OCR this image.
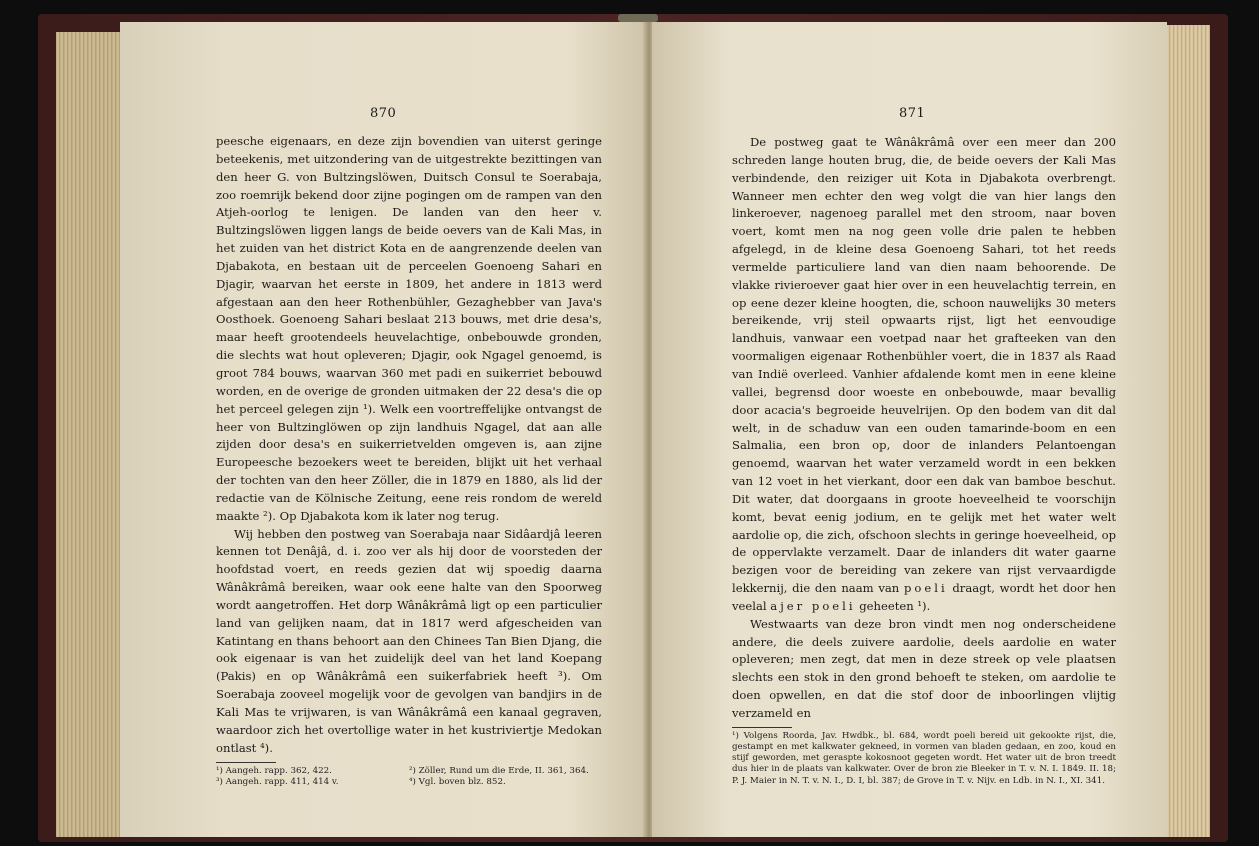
870

peesche eigenaars, en deze zijn bovendien van uiterst geringe beteekenis, met uitzondering van de uitgestrekte bezittingen van den heer G. von Bultzingslöwen, Duitsch Consul te Soerabaja, zoo roemrijk bekend door zijne pogingen om de rampen van den Atjeh-oorlog te lenigen. De landen van den heer v. Bultzingslöwen liggen langs de beide oevers van de Kali Mas, in het zuiden van het district Kota en de aangrenzende deelen van Djabakota, en bestaan uit de perceelen Goenoeng Sahari en Djagir, waarvan het eerste in 1809, het andere in 1813 werd afgestaan aan den heer Rothenbühler, Gezaghebber van Java's Oosthoek. Goenoeng Sahari beslaat 213 bouws, met drie desa's, maar heeft grootendeels heuvelachtige, onbebouwde gronden, die slechts wat hout opleveren; Djagir, ook Ngagel genoemd, is groot 784 bouws, waarvan 360 met padi en suikerriet bebouwd worden, en de overige de gronden uitmaken der 22 desa's die op het perceel gelegen zijn ¹). Welk een voortreffelijke ontvangst de heer von Bultzinglöwen op zijn landhuis Ngagel, dat aan alle zijden door desa's en suikerrietvelden omgeven is, aan zijne Europeesche bezoekers weet te bereiden, blijkt uit het verhaal der tochten van den heer Zöller, die in 1879 en 1880, als lid der redactie van de Kölnische Zeitung, eene reis rondom de wereld maakte ²). Op Djabakota kom ik later nog terug.

Wij hebben den postweg van Soerabaja naar Sidâardjâ leeren kennen tot Denâjâ, d. i. zoo ver als hij door de voorsteden der hoofdstad voert, en reeds gezien dat wij spoedig daarna Wânâkrâmâ bereiken, waar ook eene halte van den Spoorweg wordt aangetroffen. Het dorp Wânâkrâmâ ligt op een particulier land van gelijken naam, dat in 1817 werd afgescheiden van Katintang en thans behoort aan den Chinees Tan Bien Djang, die ook eigenaar is van het zuidelijk deel van het land Koepang (Pakis) en op Wânâkrâmâ een suikerfabriek heeft ³). Om Soerabaja zooveel mogelijk voor de gevolgen van bandjirs in de Kali Mas te vrijwaren, is van Wânâkrâmâ een kanaal gegraven, waardoor zich het overtollige water in het kustriviertje Medokan ontlast ⁴).

¹) Aangeh. rapp. 362, 422.	²) Zöller, Rund um die Erde, II. 361, 364.
³) Aangeh. rapp. 411, 414 v.	⁴) Vgl. boven blz. 852.
871

De postweg gaat te Wânâkrâmâ over een meer dan 200 schreden lange houten brug, die, de beide oevers der Kali Mas verbindende, den reiziger uit Kota in Djabakota overbrengt. Wanneer men echter den weg volgt die van hier langs den linkeroever, nagenoeg parallel met den stroom, naar boven voert, komt men na nog geen volle drie palen te hebben afgelegd, in de kleine desa Goenoeng Sahari, tot het reeds vermelde particuliere land van dien naam behoorende. De vlakke rivieroever gaat hier over in een heuvelachtig terrein, en op eene dezer kleine hoogten, die, schoon nauwelijks 30 meters bereikende, vrij steil opwaarts rijst, ligt het eenvoudige landhuis, vanwaar een voetpad naar het grafteeken van den voormaligen eigenaar Rothenbühler voert, die in 1837 als Raad van Indië overleed. Vanhier afdalende komt men in eene kleine vallei, begrensd door woeste en onbebouwde, maar bevallig door acacia's begroeide heuvelrijen. Op den bodem van dit dal welt, in de schaduw van een ouden tamarinde-boom en een Salmalia, een bron op, door de inlanders Pelantoengan genoemd, waarvan het water verzameld wordt in een bekken van 12 voet in het vierkant, door een dak van bamboe beschut. Dit water, dat doorgaans in groote hoeveelheid te voorschijn komt, bevat eenig jodium, en te gelijk met het water welt aardolie op, die zich, ofschoon slechts in geringe hoeveelheid, op de oppervlakte verzamelt. Daar de inlanders dit water gaarne bezigen voor de bereiding van zekere van rijst vervaardigde lekkernij, die den naam van poeli draagt, wordt het door hen veelal ajer poeli geheeten ¹).

Westwaarts van deze bron vindt men nog onderscheidene andere, die deels zuivere aardolie, deels aardolie en water opleveren; men zegt, dat men in deze streek op vele plaatsen slechts een stok in den grond behoeft te steken, om aardolie te doen opwellen, en dat die stof door de inboorlingen vlijtig verzameld en

¹) Volgens Roorda, Jav. Hwdbk., bl. 684, wordt poeli bereid uit gekookte rijst, die, gestampt en met kalkwater gekneed, in vormen van bladen gedaan, en zoo, koud en stijf geworden, met geraspte kokosnoot gegeten wordt. Het water uit de bron treedt dus hier in de plaats van kalkwater. Over de bron zie Bleeker in T. v. N. I. 1849. II. 18; P. J. Maier in N. T. v. N. I., D. I, bl. 387; de Grove in T. v. Nijv. en Ldb. in N. I., XI. 341.
